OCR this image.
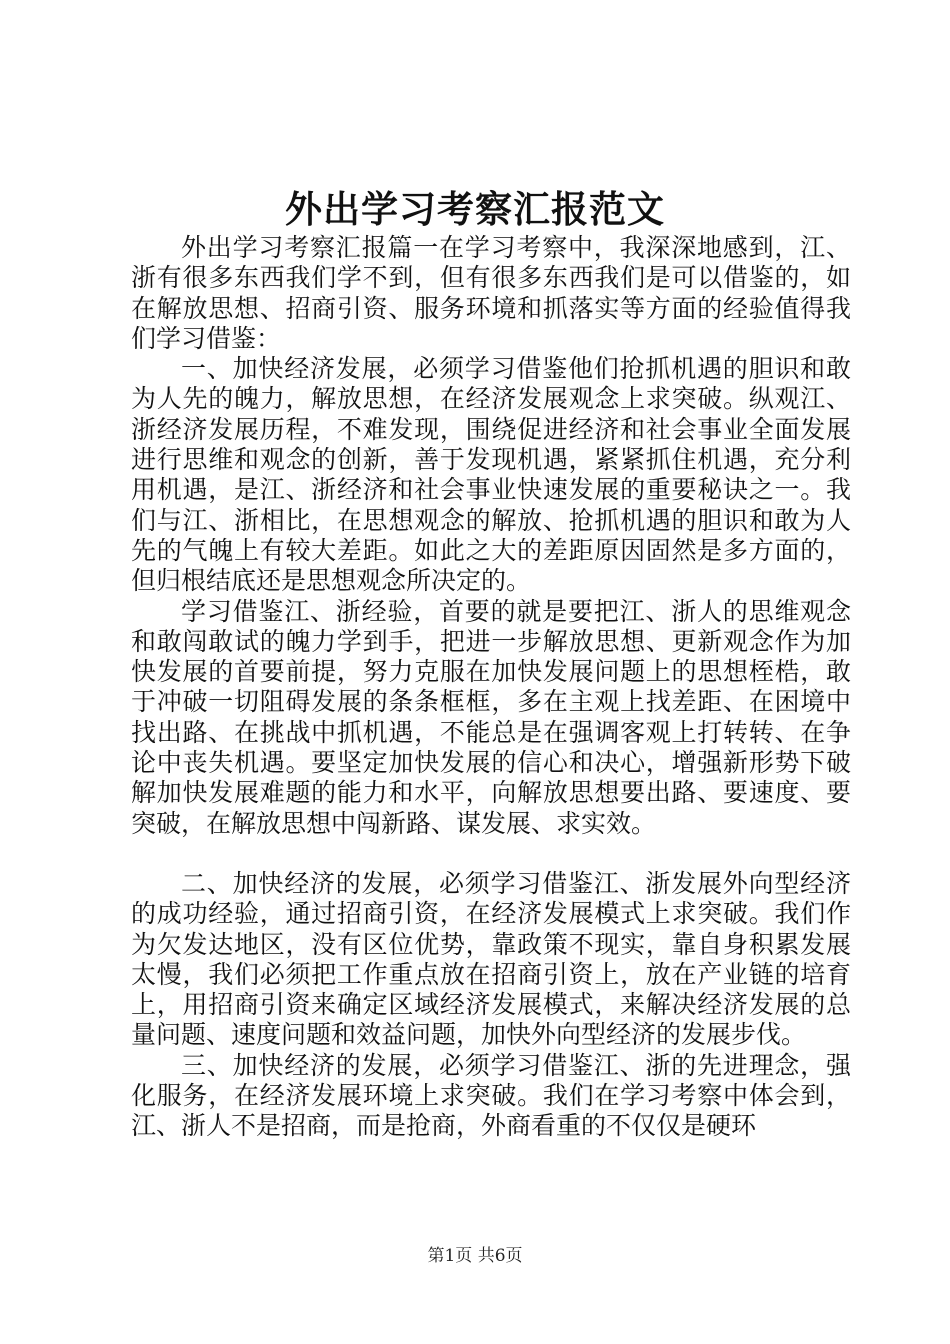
外出学习考察汇报范文

外出学习考察汇报篇一在学习考察中，我深深地感到，江、浙有很多东西我们学不到，但有很多东西我们是可以借鉴的，如在解放思想、招商引资、服务环境和抓落实等方面的经验值得我们学习借鉴：

一、加快经济发展，必须学习借鉴他们抢抓机遇的胆识和敢为人先的魄力，解放思想，在经济发展观念上求突破。纵观江、浙经济发展历程，不难发现，围绕促进经济和社会事业全面发展进行思维和观念的创新，善于发现机遇，紧紧抓住机遇，充分利用机遇，是江、浙经济和社会事业快速发展的重要秘诀之一。我们与江、浙相比，在思想观念的解放、抢抓机遇的胆识和敢为人先的气魄上有较大差距。如此之大的差距原因固然是多方面的，但归根结底还是思想观念所决定的。

学习借鉴江、浙经验，首要的就是要把江、浙人的思维观念和敢闯敢试的魄力学到手，把进一步解放思想、更新观念作为加快发展的首要前提，努力克服在加快发展问题上的思想桎梏，敢于冲破一切阻碍发展的条条框框，多在主观上找差距、在困境中找出路、在挑战中抓机遇，不能总是在强调客观上打转转、在争论中丧失机遇。要坚定加快发展的信心和决心，增强新形势下破解加快发展难题的能力和水平，向解放思想要出路、要速度、要突破，在解放思想中闯新路、谋发展、求实效。

二、加快经济的发展，必须学习借鉴江、浙发展外向型经济的成功经验，通过招商引资，在经济发展模式上求突破。我们作为欠发达地区，没有区位优势，靠政策不现实，靠自身积累发展太慢，我们必须把工作重点放在招商引资上，放在产业链的培育上，用招商引资来确定区域经济发展模式，来解决经济发展的总量问题、速度问题和效益问题，加快外向型经济的发展步伐。

三、加快经济的发展，必须学习借鉴江、浙的先进理念，强化服务，在经济发展环境上求突破。我们在学习考察中体会到，江、浙人不是招商，而是抢商，外商看重的不仅仅是硬环

第1页 共6页
